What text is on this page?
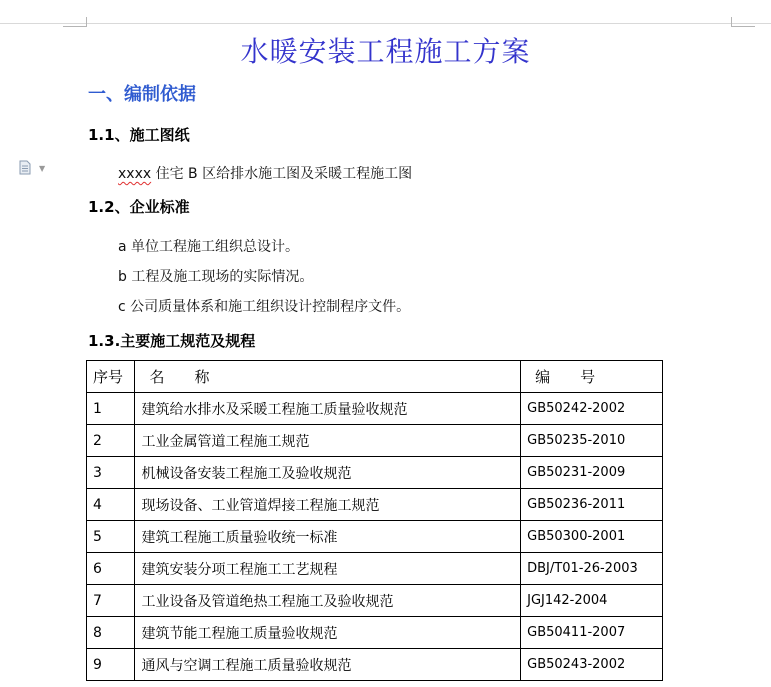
水暖安装工程施工方案
一、编制依据
1.1、施工图纸
▼	xxxx 住宅 B 区给排水施工图及采暖工程施工图
1.2、企业标准
a 单位工程施工组织总设计。
b 工程及施工现场的实际情况。
c 公司质量体系和施工组织设计控制程序文件。
1.3.主要施工规范及规程
序号	名　　称	编　　号
1	建筑给水排水及采暖工程施工质量验收规范	GB50242-2002
2	工业金属管道工程施工规范	GB50235-2010
3	机械设备安装工程施工及验收规范	GB50231-2009
4	现场设备、工业管道焊接工程施工规范	GB50236-2011
5	建筑工程施工质量验收统一标准	GB50300-2001
6	建筑安装分项工程施工工艺规程	DBJ/T01-26-2003
7	工业设备及管道绝热工程施工及验收规范	JGJ142-2004
8	建筑节能工程施工质量验收规范	GB50411-2007
9	通风与空调工程施工质量验收规范	GB50243-2002
